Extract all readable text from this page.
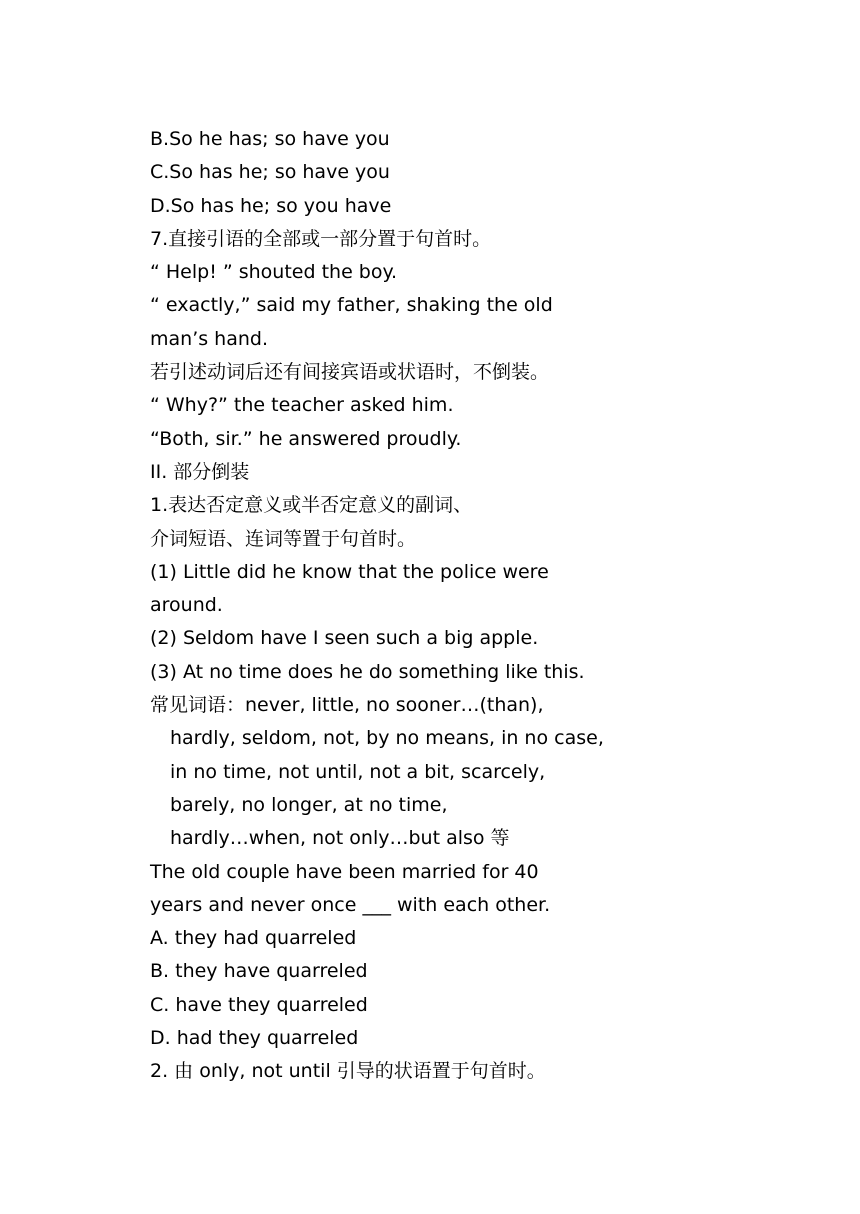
B.So he has; so have you
C.So has he; so have you
D.So has he; so you have
7.直接引语的全部或一部分置于句首时。
“ Help! ” shouted the boy.
“ exactly,” said my father, shaking the old
man’s hand.
若引述动词后还有间接宾语或状语时，不倒装。
“ Why?” the teacher asked him.
“Both, sir.” he answered proudly.
II. 部分倒装
1.表达否定意义或半否定意义的副词、
介词短语、连词等置于句首时。
(1) Little did he know that the police were
around.
(2) Seldom have I seen such a big apple.
(3) At no time does he do something like this.
常见词语：never, little, no sooner…(than),
hardly, seldom, not, by no means, in no case,
in no time, not until, not a bit, scarcely,
barely, no longer, at no time,
hardly…when, not only…but also 等
The old couple have been married for 40
years and never once ___ with each other.
A. they had quarreled
B. they have quarreled
C. have they quarreled
D. had they quarreled
2. 由 only, not until 引导的状语置于句首时。
